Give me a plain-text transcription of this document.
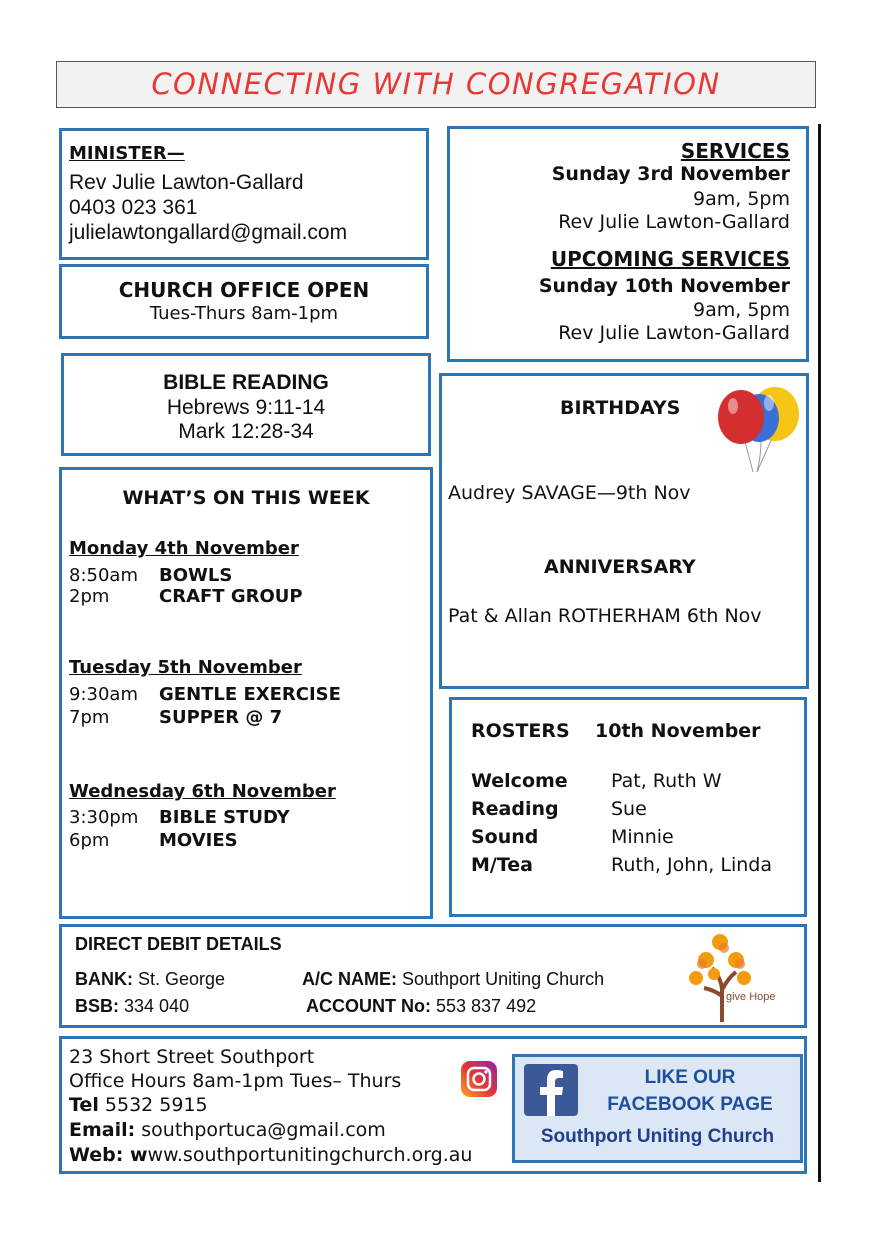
CONNECTING WITH CONGREGATION
MINISTER—
Rev Julie Lawton-Gallard
0403 023 361
julielawtongallard@gmail.com
CHURCH OFFICE OPEN
Tues-Thurs 8am-1pm
BIBLE READING
Hebrews 9:11-14
Mark 12:28-34
WHAT’S ON THIS WEEK
Monday 4th November
8:50am BOWLS
2pm	CRAFT GROUP
Tuesday 5th November
9:30am GENTLE EXERCISE
7pm	SUPPER @ 7
Wednesday 6th November
3:30pm BIBLE STUDY
6pm	MOVIES
SERVICES
Sunday 3rd November
9am, 5pm
Rev Julie Lawton-Gallard
UPCOMING SERVICES
Sunday 10th November
9am, 5pm
Rev Julie Lawton-Gallard
BIRTHDAYS
Audrey SAVAGE—9th Nov
ANNIVERSARY
Pat & Allan ROTHERHAM 6th Nov
ROSTERS 10th November
Welcome Pat, Ruth W
Reading	Sue
Sound	Minnie
M/Tea	Ruth, John, Linda
DIRECT DEBIT DETAILS
BANK: St. George	A/C NAME: Southport Uniting Church
BSB: 334 040	ACCOUNT No: 553 837 492	give Hope
23 Short Street Southport
Office Hours 8am-1pm Tues– Thurs
Tel 5532 5915
Email: southportuca@gmail.com
Web: www.southportunitingchurch.org.au
LIKE OUR
FACEBOOK PAGE
Southport Uniting Church
